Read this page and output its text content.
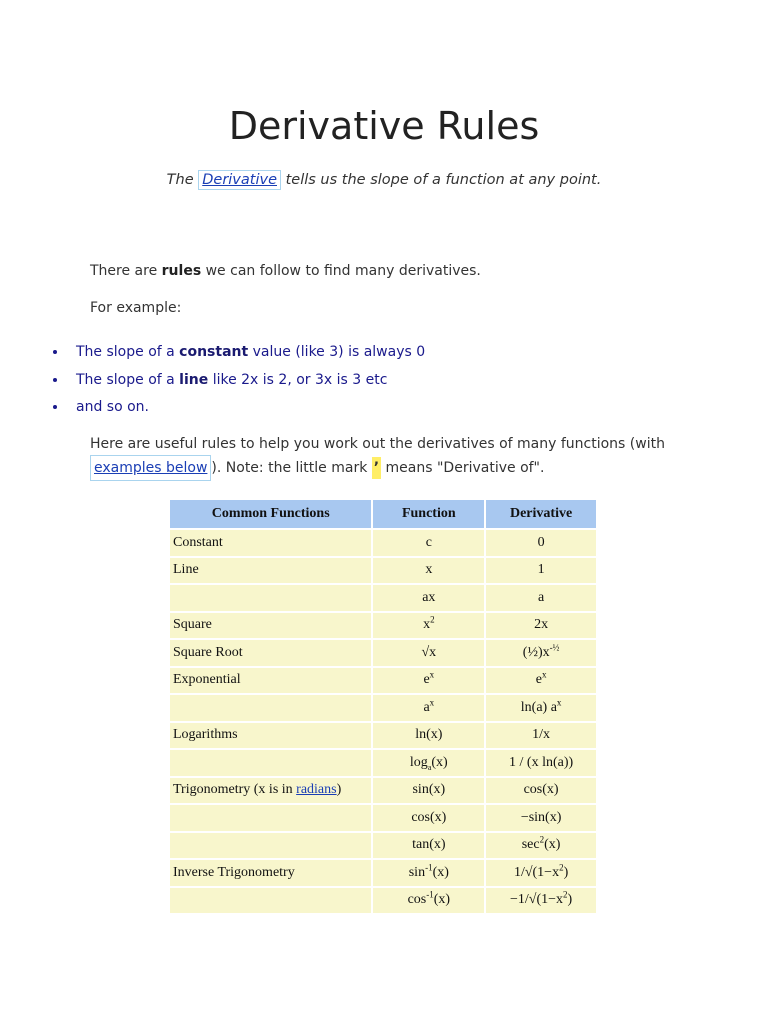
Derivative Rules
The Derivative tells us the slope of a function at any point.
There are rules we can follow to find many derivatives.
For example:
The slope of a constant value (like 3) is always 0
The slope of a line like 2x is 2, or 3x is 3 etc
and so on.
Here are useful rules to help you work out the derivatives of many functions (with examples below ). Note: the little mark ’ means "Derivative of".
Common Functions	Function	Derivative
Constant	c	0
Line	x	1
	ax	a
Square	$x^2$	2x
Square Root	√x	$(\frac{1}{2})x^{-\frac{1}{2}}$
Exponential	$e^x$	$e^x$
	$a^x$	ln(a) $a^x$
Logarithms	ln(x)	1/x
	$\log_a(x)$	1 / (x ln(a))
Trigonometry (x is in radians)	sin(x)	cos(x)
	cos(x)	−sin(x)
	tan(x)	$\sec^2(x)$
Inverse Trigonometry	$\sin^{-1}(x)$	$1/√(1-x^2)$
	$\cos^{-1}(x)$	$-1/√(1-x^2)$
